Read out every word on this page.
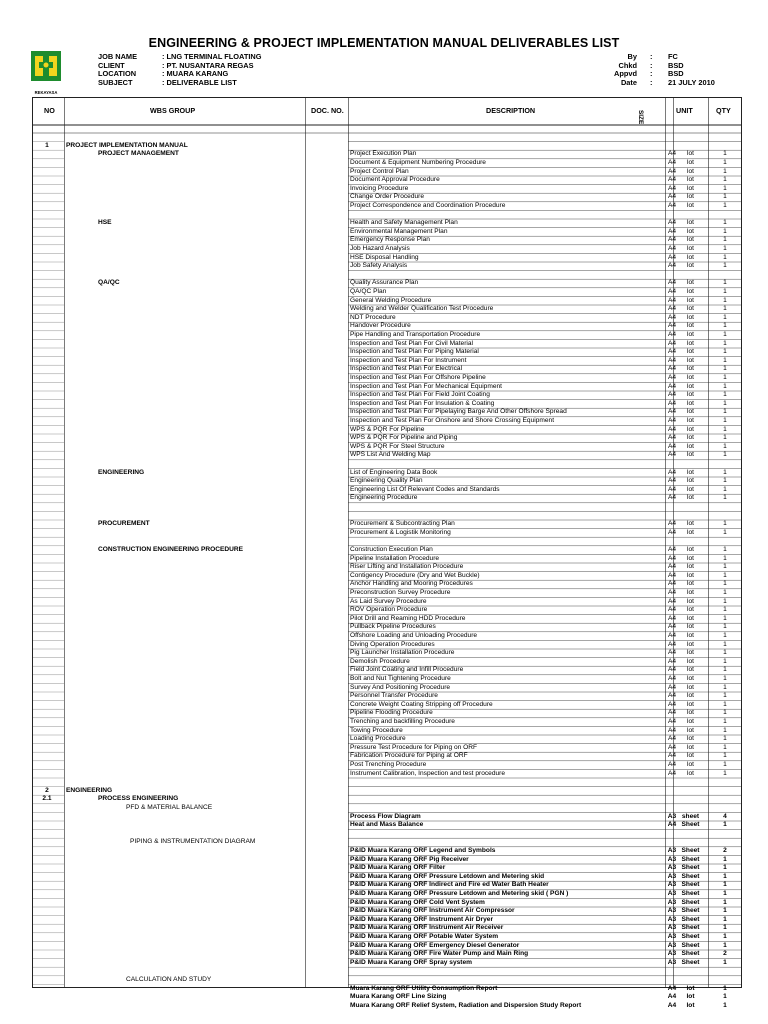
ENGINEERING & PROJECT IMPLEMENTATION MANUAL DELIVERABLES LIST
REKAYASA
JOB NAME	: LNG TERMINAL FLOATING
CLIENT	: PT. NUSANTARA REGAS
LOCATION	: MUARA KARANG
SUBJECT	: DELIVERABLE LIST
By : FC
Chkd : BSD
Appvd : BSD
Date : 21 JULY 2010
NO	WBS GROUP	DOC. NO.	DESCRIPTION	SIZE	UNIT	QTY
1	PROJECT IMPLEMENTATION MANUAL
PROJECT MANAGEMENT	Project Execution Plan	A4	lot	1
Document & Equipment Numbering Procedure	A4	lot	1
Project Control Plan	A4	lot	1
Document Approval Procedure	A4	lot	1
Invoicing Procedure	A4	lot	1
Change Order Procedure	A4	lot	1
Project Correspondence and Coordination Procedure	A4	lot	1
HSE	Health and Safety Management Plan	A4	lot	1
Environmental Management Plan	A4	lot	1
Emergency Response Plan	A4	lot	1
Job Hazard Analysis	A4	lot	1
HSE Disposal Handling	A4	lot	1
Job Safety Analysis	A4	lot	1
QA/QC	Quality Assurance Plan	A4	lot	1
QA/QC Plan	A4	lot	1
General Welding Procedure	A4	lot	1
Welding and Welder Qualification Test Procedure	A4	lot	1
NDT Procedure	A4	lot	1
Handover Procedure	A4	lot	1
Pipe Handling and Transportation Procedure	A4	lot	1
Inspection and Test Plan For Civil Material	A4	lot	1
Inspection and Test Plan For Piping Material	A4	lot	1
Inspection and Test Plan For Instrument	A4	lot	1
Inspection and Test Plan For Electrical	A4	lot	1
Inspection and Test Plan For Offshore Pipeline	A4	lot	1
Inspection and Test Plan For Mechanical Equipment	A4	lot	1
Inspection and Test Plan For Field Joint Coating	A4	lot	1
Inspection and Test Plan For Insulation & Coating	A4	lot	1
Inspection and Test Plan For Pipelaying Barge And Other Offshore Spread	A4	lot	1
Inspection and Test Plan For Onshore and Shore Crossing Equipment	A4	lot	1
WPS & PQR For Pipeline	A4	lot	1
WPS & PQR For Pipeline and Piping	A4	lot	1
WPS & PQR For Steel Structure	A4	lot	1
WPS List And Welding Map	A4	lot	1
ENGINEERING	List of Engineering Data Book	A4	lot	1
Engineering Quality Plan	A4	lot	1
Engineering List Of Relevant Codes and Standards	A4	lot	1
Engineering Procedure	A4	lot	1
PROCUREMENT	Procurement & Subcontracting Plan	A4	lot	1
Procurement & Logistik Monitoring	A4	lot	1
CONSTRUCTION ENGINEERING PROCEDURE	Construction Execution Plan	A4	lot	1
Pipeline Installation Procedure	A4	lot	1
Riser Lifting and Installation Procedure	A4	lot	1
Contigency Procedure (Dry and Wet Buckle)	A4	lot	1
Anchor Handling and Mooring Procedures	A4	lot	1
Preconstruction Survey Procedure	A4	lot	1
As Laid Survey Procedure	A4	lot	1
ROV Operation Procedure	A4	lot	1
Pilot Drill and Reaming HDD Procedure	A4	lot	1
Pullback Pipeline Procedures	A4	lot	1
Offshore Loading and Unloading Procedure	A4	lot	1
Diving Operation Procedures	A4	lot	1
Pig Launcher Installation Procedure	A4	lot	1
Demolish Procedure	A4	lot	1
Field Joint Coating and Infill Procedure	A4	lot	1
Bolt and Nut Tightening Procedure	A4	lot	1
Survey And Positioning Procedure	A4	lot	1
Personnel Transfer Procedure	A4	lot	1
Concrete Weight Coating Stripping off Procedure	A4	lot	1
Pipeline Flooding Procedure	A4	lot	1
Trenching and backfilling Procedure	A4	lot	1
Towing Procedure	A4	lot	1
Loading Procedure	A4	lot	1
Pressure Test Procedure for Piping on ORF	A4	lot	1
Fabrication Procedure for Piping at ORF	A4	lot	1
Post Trenching Procedure	A4	lot	1
Instrument Calibration, Inspection and test procedure	A4	lot	1
2	ENGINEERING
2.1	PROCESS ENGINEERING
PFD & MATERIAL BALANCE
Process Flow Diagram	A3 sheet	4
Heat and Mass Balance	A4 Sheet	1
PIPING & INSTRUMENTATION DIAGRAM
P&ID Muara Karang ORF Legend and Symbols	A3 Sheet	2
P&ID Muara Karang ORF Pig Receiver	A3 Sheet	1
P&ID Muara Karang ORF Filter	A3 Sheet	1
P&ID Muara Karang ORF Pressure Letdown and Metering skid	A3 Sheet	1
P&ID Muara Karang ORF Indirect and Fire ed Water Bath Heater	A3 Sheet	1
P&ID Muara Karang ORF Pressure Letdown and Metering skid ( PGN )	A3 Sheet	1
P&ID Muara Karang ORF Cold Vent System	A3 Sheet	1
P&ID Muara Karang ORF Instrument Air Compressor	A3 Sheet	1
P&ID Muara Karang ORF Instrument Air Dryer	A3 Sheet	1
P&ID Muara Karang ORF Instrument Air Receiver	A3 Sheet	1
P&ID Muara Karang ORF Potable Water System	A3 Sheet	1
P&ID Muara Karang ORF Emergency Diesel Generator	A3 Sheet	1
P&ID Muara Karang ORF Fire Water Pump and Main Ring	A3 Sheet	2
P&ID Muara Karang ORF Spray system	A3 Sheet	1
CALCULATION AND STUDY
Muara Karang ORF Utility Consumption Report	A4	lot	1
Muara Karang ORF Line Sizing	A4	lot	1
Muara Karang ORF Relief System, Radiation and Dispersion Study Report	A4	lot	1
